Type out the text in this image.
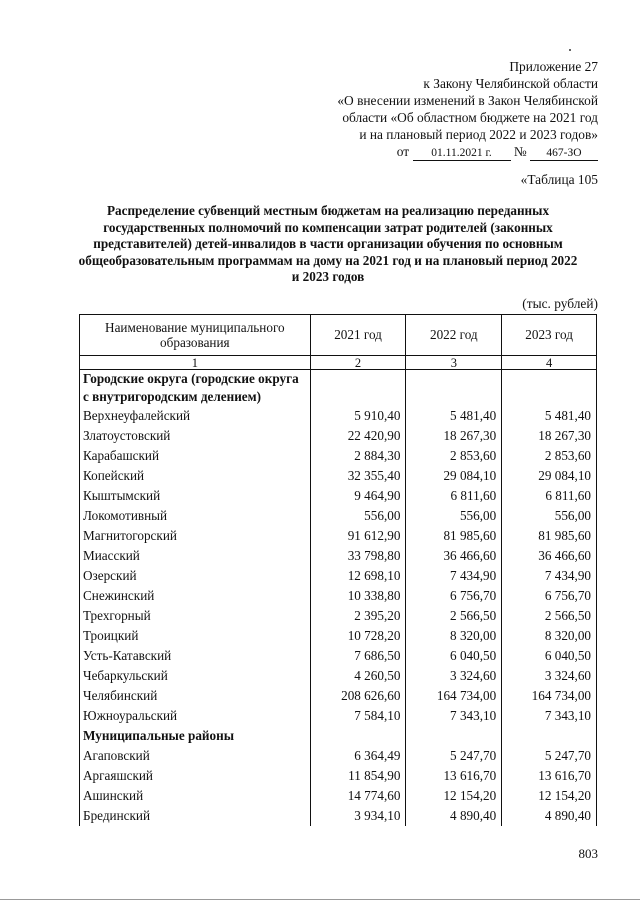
Приложение 27
к Закону Челябинской области
«О внесении изменений в Закон Челябинской
области «Об областном бюджете на 2021 год
и на плановый период 2022 и 2023 годов»
от 01.11.2021 г. № 467-ЗО
«Таблица 105
Распределение субвенций местным бюджетам на реализацию переданных государственных полномочий по компенсации затрат родителей (законных представителей) детей-инвалидов в части организации обучения по основным общеобразовательным программам на дому на 2021 год и на плановый период 2022 и 2023 годов
(тыс. рублей)
Наименование муниципального образования	2021 год	2022 год	2023 год
1	2	3	4
Городские округа (городские округа с внутригородским делением)			
Верхнеуфалейский	5 910,40	5 481,40	5 481,40
Златоустовский	22 420,90	18 267,30	18 267,30
Карабашский	2 884,30	2 853,60	2 853,60
Копейский	32 355,40	29 084,10	29 084,10
Кыштымский	9 464,90	6 811,60	6 811,60
Локомотивный	556,00	556,00	556,00
Магнитогорский	91 612,90	81 985,60	81 985,60
Миасский	33 798,80	36 466,60	36 466,60
Озерский	12 698,10	7 434,90	7 434,90
Снежинский	10 338,80	6 756,70	6 756,70
Трехгорный	2 395,20	2 566,50	2 566,50
Троицкий	10 728,20	8 320,00	8 320,00
Усть-Катавский	7 686,50	6 040,50	6 040,50
Чебаркульский	4 260,50	3 324,60	3 324,60
Челябинский	208 626,60	164 734,00	164 734,00
Южноуральский	7 584,10	7 343,10	7 343,10
Муниципальные районы			
Агаповский	6 364,49	5 247,70	5 247,70
Аргаяшский	11 854,90	13 616,70	13 616,70
Ашинский	14 774,60	12 154,20	12 154,20
Брединский	3 934,10	4 890,40	4 890,40
803
